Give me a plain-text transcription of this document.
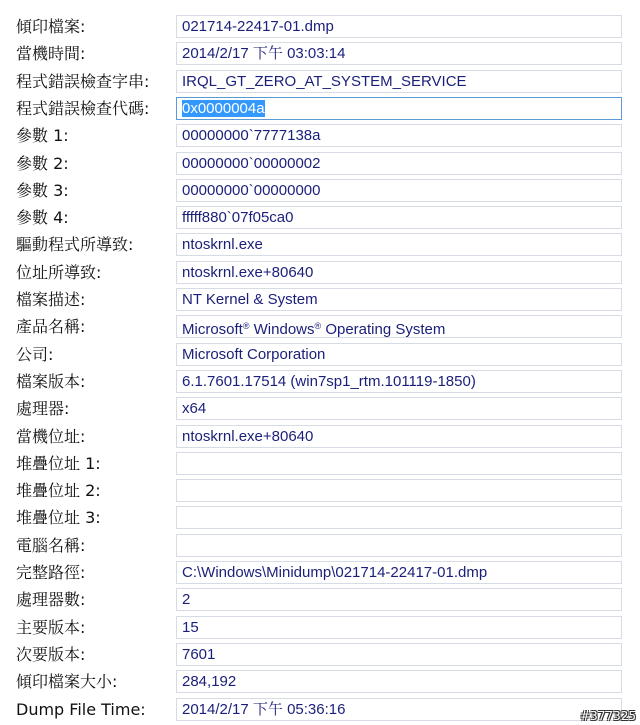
傾印檔案:	021714-22417-01.dmp
當機時間:	2014/2/17 下午 03:03:14
程式錯誤檢查字串:	IRQL_GT_ZERO_AT_SYSTEM_SERVICE
程式錯誤檢查代碼:	0x0000004a
參數 1:	00000000`7777138a
參數 2:	00000000`00000002
參數 3:	00000000`00000000
參數 4:	fffff880`07f05ca0
驅動程式所導致:	ntoskrnl.exe
位址所導致:	ntoskrnl.exe+80640
檔案描述:	NT Kernel & System
產品名稱:	Microsoft® Windows® Operating System
公司:	Microsoft Corporation
檔案版本:	6.1.7601.17514 (win7sp1_rtm.101119-1850)
處理器:	x64
當機位址:	ntoskrnl.exe+80640
堆疊位址 1:
堆疊位址 2:
堆疊位址 3:
電腦名稱:
完整路徑:	C:\Windows\Minidump\021714-22417-01.dmp
處理器數:	2
主要版本:	15
次要版本:	7601
傾印檔案大小:	284,192
Dump File Time:	2014/2/17 下午 05:36:16	#377325
